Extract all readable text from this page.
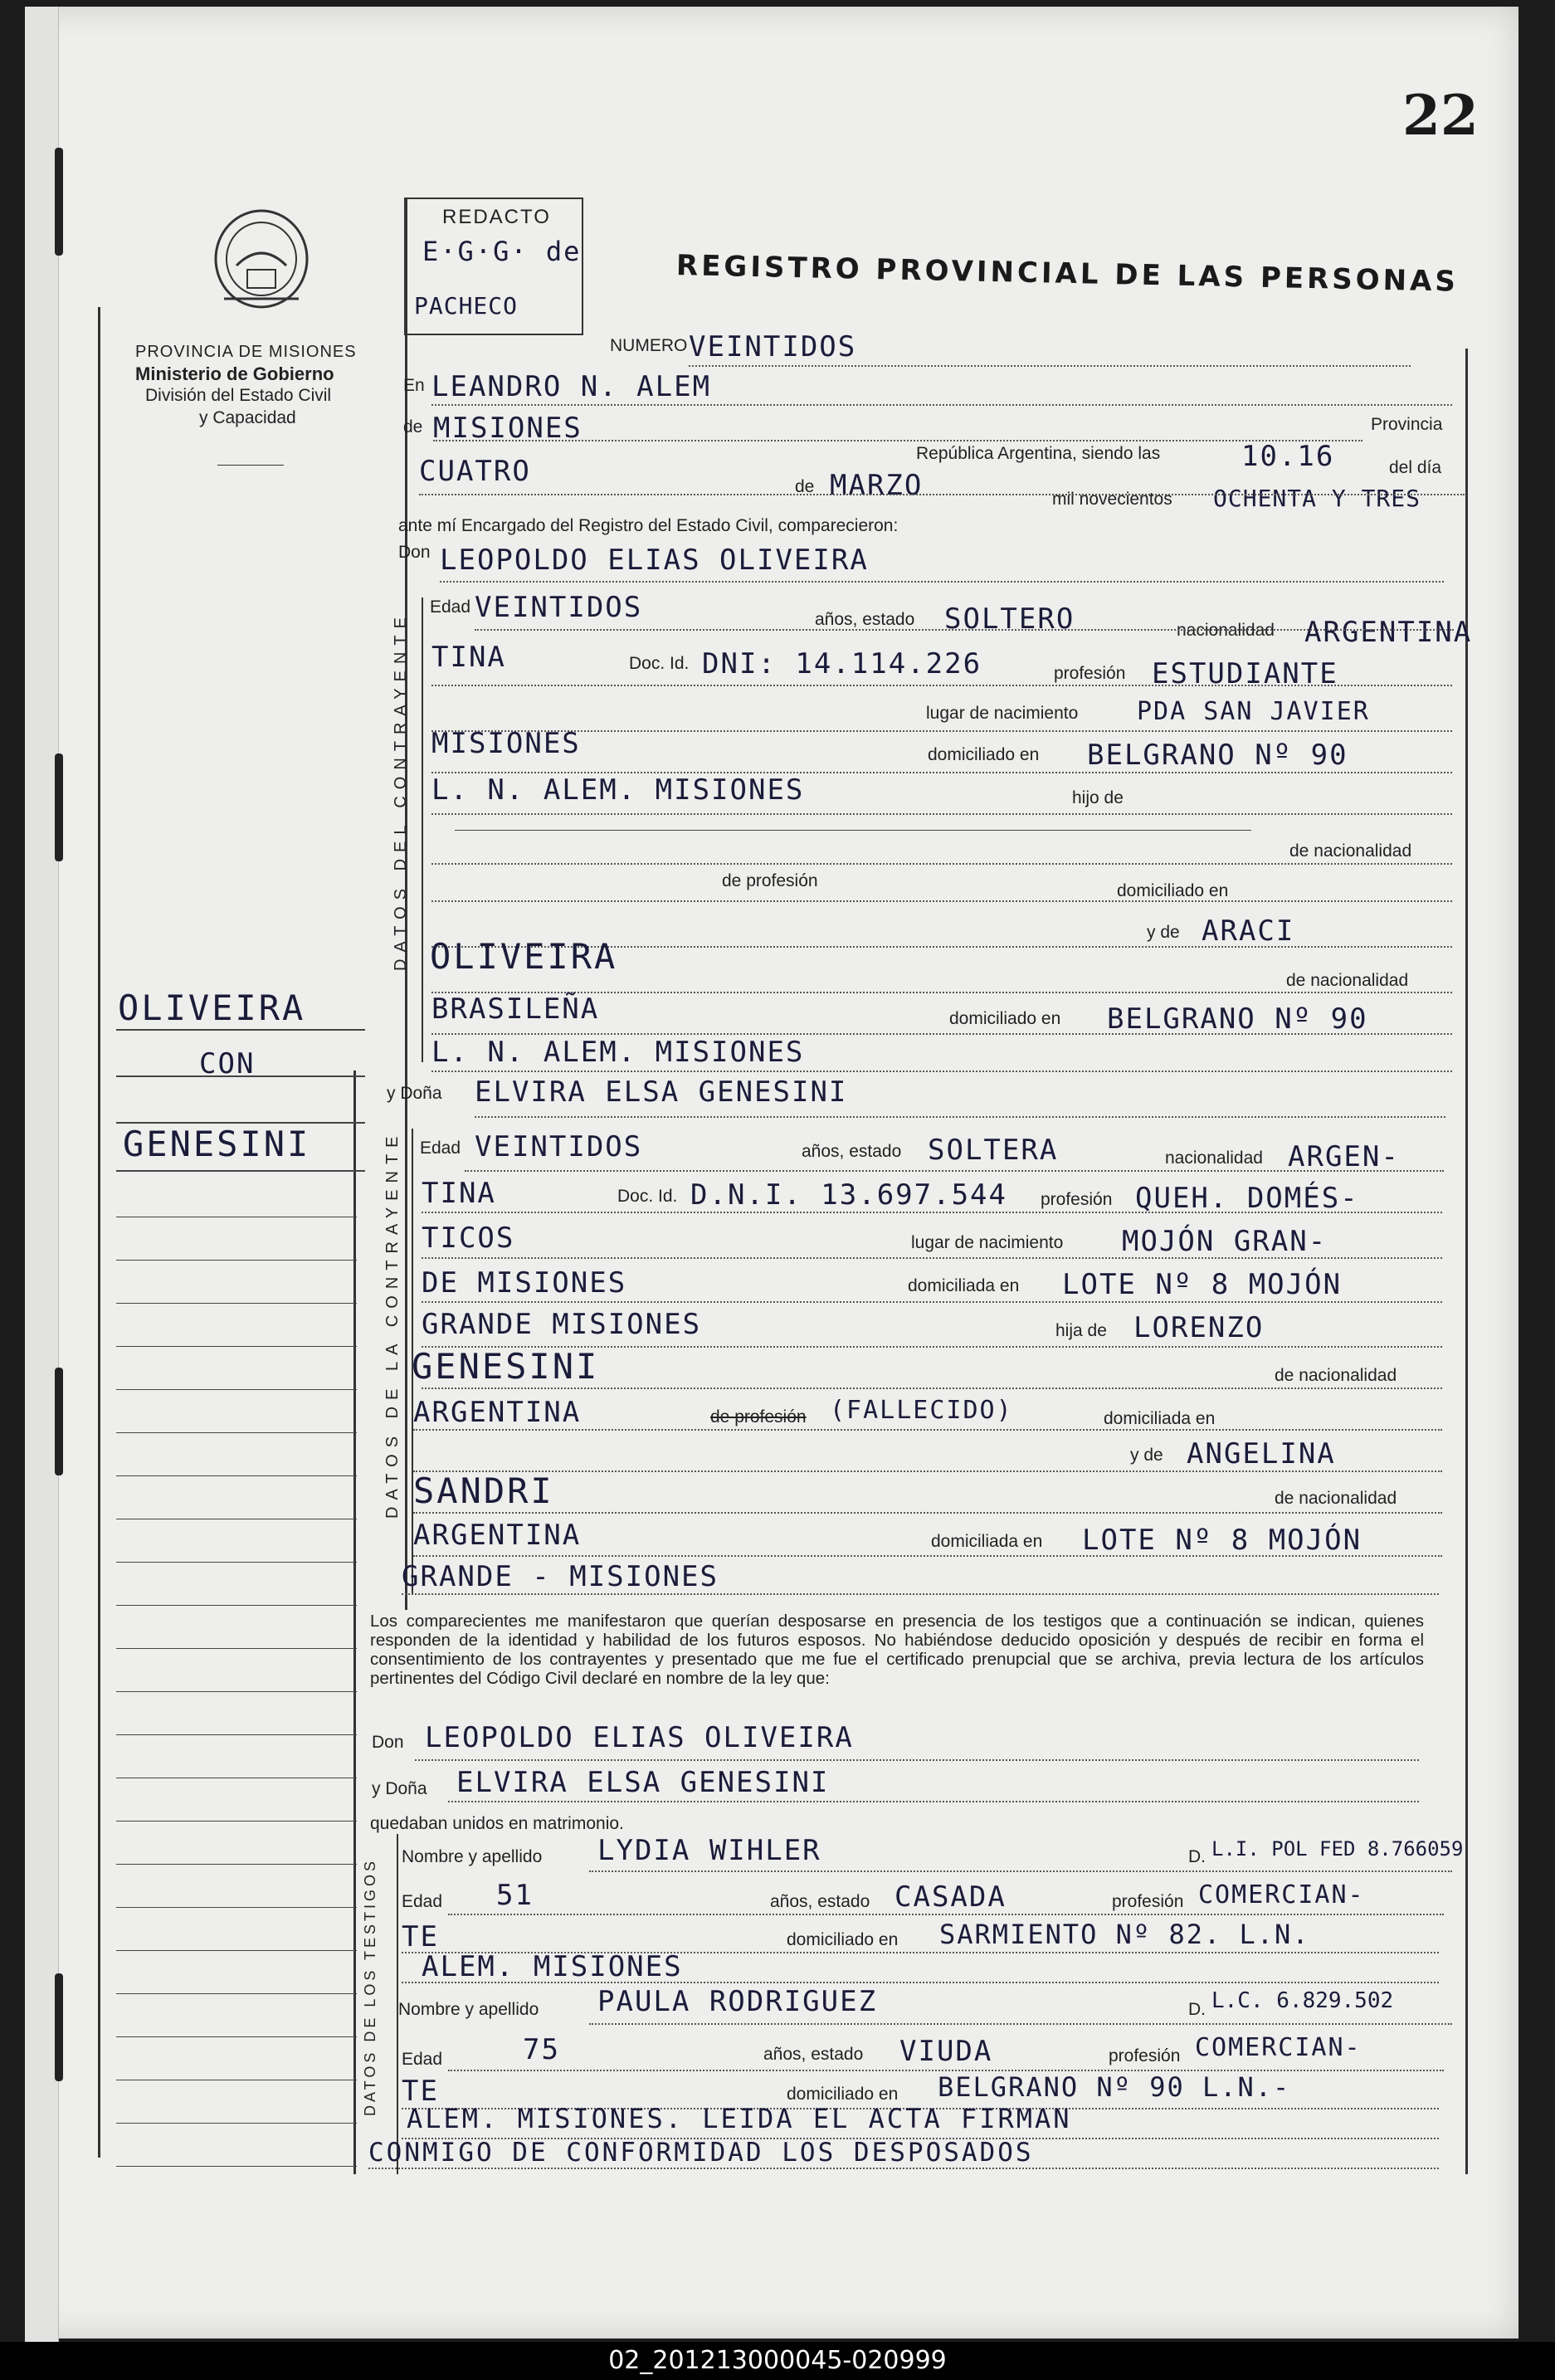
22
PROVINCIA DE MISIONES
Ministerio de Gobierno
División del Estado Civil
y Capacidad
REDACTO
E·G·G· de
PACHECO
REGISTRO PROVINCIAL DE LAS PERSONAS
OLIVEIRA
CON
GENESINI
DATOS DEL CONTRAYENTE
DATOS DE LA CONTRAYENTE
DATOS DE LOS TESTIGOS
NUMERO VEINTIDOS
En LEANDRO N. ALEM
de MISIONES	Provincia
CUATRO
República Argentina, siendo las	10.16	del día
de MARZO	mil novecientos OCHENTA Y TRES
ante mí Encargado del Registro del Estado Civil, comparecieron:
Don LEOPOLDO ELIAS OLIVEIRA
Edad VEINTIDOS	años, estado SOLTERO	nacionalidad ARGENTINA
TINA	Doc. Id. DNI: 14.114.226	profesión ESTUDIANTE
lugar de nacimiento PDA SAN JAVIER
MISIONES	domiciliado en BELGRANO Nº 90
L. N. ALEM. MISIONES	hijo de
de nacionalidad
de profesión
domiciliado en
y de ARACI
OLIVEIRA
de nacionalidad
BRASILEÑA	domiciliado en BELGRANO Nº 90
L. N. ALEM. MISIONES
y Doña ELVIRA ELSA GENESINI
Edad VEINTIDOS	años, estado SOLTERA	nacionalidad ARGEN-
TINA	Doc. Id. D.N.I. 13.697.544 profesión QUEH. DOMÉS-
TICOS	lugar de nacimiento MOJÓN GRAN-
DE MISIONES	domiciliada en LOTE Nº 8 MOJÓN
GRANDE MISIONES	hija de LORENZO
GENESINI	de nacionalidad
ARGENTINA	de profesión (FALLECIDO)	domiciliada en
y de ANGELINA
SANDRI	de nacionalidad
ARGENTINA	domiciliada en LOTE Nº 8 MOJÓN
GRANDE - MISIONES
Los comparecientes me manifestaron que querían desposarse en presencia de los testigos que a continuación se indican, quienes responden de la identidad y habilidad de los futuros esposos. No habiéndose deducido oposición y después de recibir en forma el consentimiento de los contrayentes y presentado que me fue el certificado prenupcial que se archiva, previa lectura de los artículos pertinentes del Código Civil declaré en nombre de la ley que:
Don LEOPOLDO ELIAS OLIVEIRA
y Doña ELVIRA ELSA GENESINI
quedaban unidos en matrimonio.
Nombre y apellido LYDIA WIHLER	D. L.I. POL FED 8.766059
Edad 51	años, estado CASADA	profesión COMERCIAN-
TE	domiciliado en SARMIENTO Nº 82. L.N.
ALEM. MISIONES
Nombre y apellido PAULA RODRIGUEZ	D. L.C. 6.829.502
Edad	75	años, estado VIUDA	profesión COMERCIAN-
TE	domiciliado en BELGRANO Nº 90 L.N.-
ALEM. MISIONES. LEIDA EL ACTA FIRMAN
CONMIGO DE CONFORMIDAD LOS DESPOSADOS
02_201213000045-020999
